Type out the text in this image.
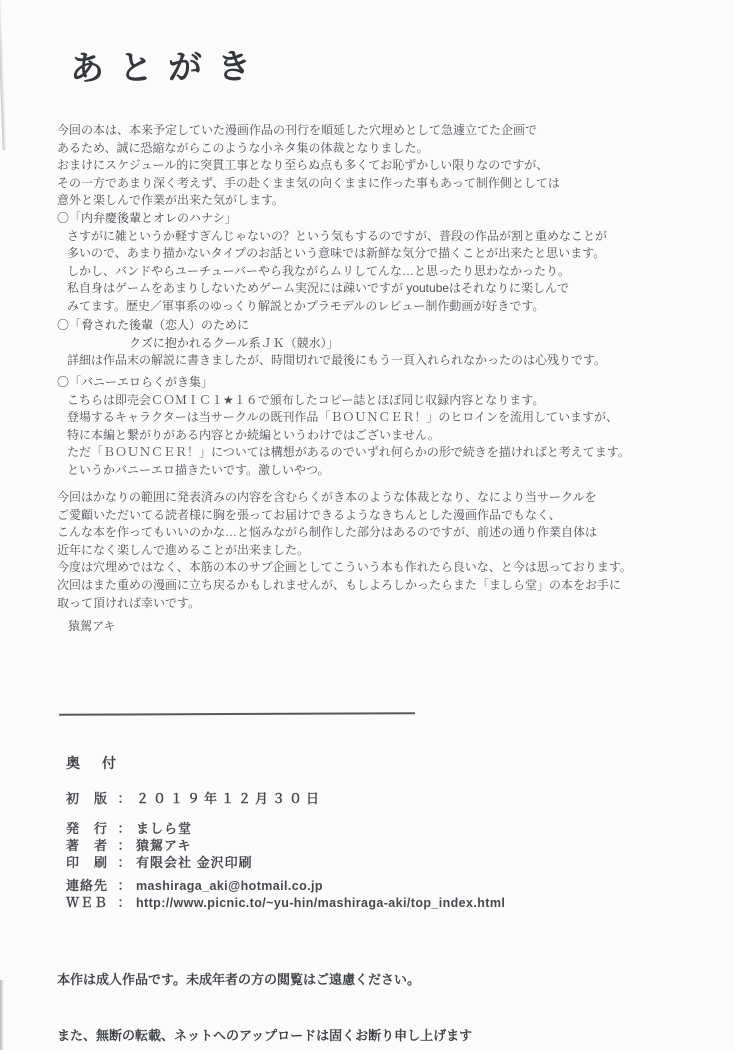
あとがき
今回の本は、本来予定していた漫画作品の刊行を順延した穴埋めとして急遽立てた企画で
あるため、誠に恐縮ながらこのような小ネタ集の体裁となりました。
おまけにスケジュール的に突貫工事となり至らぬ点も多くてお恥ずかしい限りなのですが、
その一方であまり深く考えず、手の赴くまま気の向くままに作った事もあって制作側としては
意外と楽しんで作業が出来た気がします。
〇「内弁慶後輩とオレのハナシ」
さすがに雑というか軽すぎんじゃないの？という気もするのですが、普段の作品が割と重めなことが
多いので、あまり描かないタイプのお話という意味では新鮮な気分で描くことが出来たと思います。
しかし、バンドやらユーチューバーやら我ながらムリしてんな…と思ったり思わなかったり。
私自身はゲームをあまりしないためゲーム実況には疎いですが youtubeはそれなりに楽しんで
みてます。歴史／軍事系のゆっくり解説とかプラモデルのレビュー制作動画が好きです。
〇「脅された後輩（恋人）のために
クズに抱かれるクール系ＪＫ（競水）」
詳細は作品末の解説に書きましたが、時間切れで最後にもう一頁入れられなかったのは心残りです。
〇「バニーエロらくがき集」
こちらは即売会ＣＯＭＩＣ１★１６で頒布したコピー誌とほぼ同じ収録内容となります。
登場するキャラクターは当サークルの既刊作品「ＢＯＵＮＣＥＲ！」のヒロインを流用していますが、
特に本編と繋がりがある内容とか続編というわけではございません。
ただ「ＢＯＵＮＣＥＲ！」については構想があるのでいずれ何らかの形で続きを描ければと考えてます。
というかバニーエロ描きたいです。激しいやつ。
今回はかなりの範囲に発表済みの内容を含むらくがき本のような体裁となり、なにより当サークルを
ご愛顧いただいてる読者様に胸を張ってお届けできるようなきちんとした漫画作品でもなく、
こんな本を作ってもいいのかな…と悩みながら制作した部分はあるのですが、前述の通り作業自体は
近年になく楽しんで進めることが出来ました。
今度は穴埋めではなく、本筋の本のサブ企画としてこういう本も作れたら良いな、と今は思っております。
次回はまた重めの漫画に立ち戻るかもしれませんが、もしよろしかったらまた「ましら堂」の本をお手に
取って頂ければ幸いです。
猿駕アキ
奥　付
初　版 ： ２０１９年１２月３０日
発　行 ： ましら堂
著　者 ： 猿駕アキ
印　刷 ： 有限会社 金沢印刷
連絡先 ： mashiraga_aki@hotmail.co.jp
ＷＥＢ ： http://www.picnic.to/~yu-hin/mashiraga-aki/top_index.html

本作は成人作品です。未成年者の方の閲覧はご遠慮ください。

また、無断の転載、ネットへのアップロードは固くお断り申し上げます
